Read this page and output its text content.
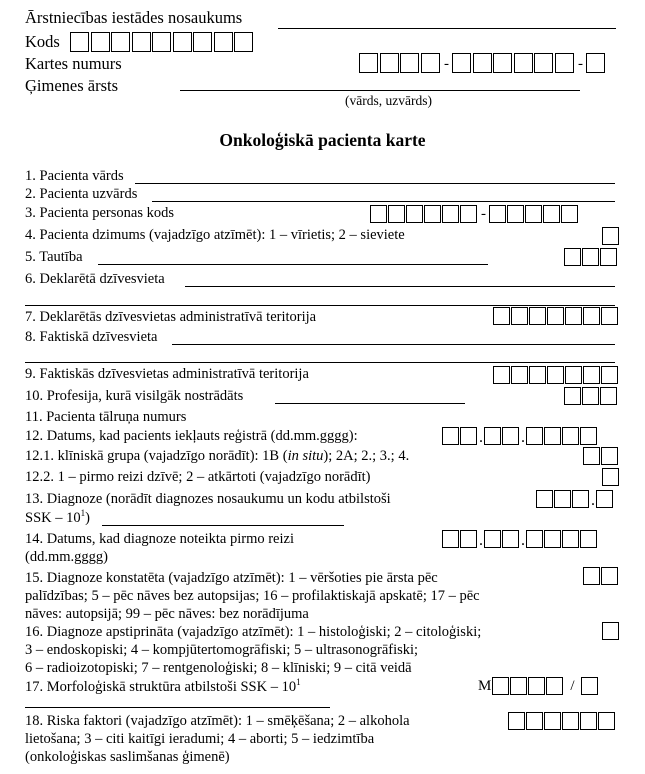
Ārstniecības iestādes nosaukums
Kods
Kartes numurs	-	-
Ģimenes ārsts
(vārds, uzvārds)
Onkoloģiskā pacienta karte
1. Pacienta vārds
2. Pacienta uzvārds
3. Pacienta personas kods	-
4. Pacienta dzimums (vajadzīgo atzīmēt): 1 – vīrietis; 2 – sieviete
5. Tautība
6. Deklarētā dzīvesvieta
7. Deklarētās dzīvesvietas administratīvā teritorija
8. Faktiskā dzīvesvieta
9. Faktiskās dzīvesvietas administratīvā teritorija
10. Profesija, kurā visilgāk nostrādāts
11. Pacienta tālruņa numurs
12. Datums, kad pacients iekļauts reģistrā (dd.mm.gggg):	. .
12.1. klīniskā grupa (vajadzīgo norādīt): 1B (in situ); 2A; 2.; 3.; 4.
12.2. 1 – pirmo reizi dzīvē; 2 – atkārtoti (vajadzīgo norādīt)
13. Diagnoze (norādīt diagnozes nosaukumu un kodu atbilstoši
SSK – $10^1$)
.
14. Datums, kad diagnoze noteikta pirmo reizi
(dd.mm.gggg)
. .
15. Diagnoze konstatēta (vajadzīgo atzīmēt): 1 – vēršoties pie ārsta pēc
palīdzības; 5 – pēc nāves bez autopsijas; 16 – profilaktiskajā apskatē; 17 – pēc
nāves: autopsijā; 99 – pēc nāves: bez norādījuma
16. Diagnoze apstiprināta (vajadzīgo atzīmēt): 1 – histoloģiski; 2 – citoloģiski;
3 – endoskopiski; 4 – kompjūtertomogrāfiski; 5 – ultrasonogrāfiski;
6 – radioizotopiski; 7 – rentgenoloģiski; 8 – klīniski; 9 – citā veidā
17. Morfoloģiskā struktūra atbilstoši SSK – $10^1$	M	/
18. Riska faktori (vajadzīgo atzīmēt): 1 – smēķēšana; 2 – alkohola
lietošana; 3 – citi kaitīgi ieradumi; 4 – aborti; 5 – iedzimtība
(onkoloģiskas saslimšanas ģimenē)
